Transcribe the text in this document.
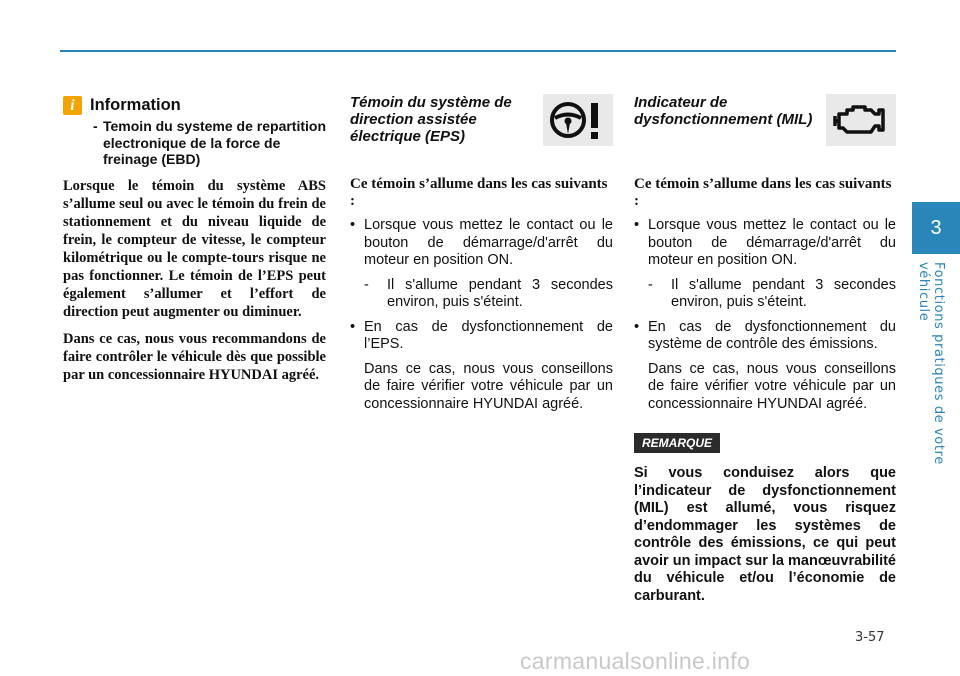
3
Fonctions pratiques de votre véhicule
i Information
- Temoin du systeme de repartition electronique de la force de freinage (EBD)

Lorsque le témoin du système ABS s’allume seul ou avec le témoin du frein de stationnement et du niveau liquide de frein, le compteur de vitesse, le compteur kilométrique ou le compte-tours risque ne pas fonctionner. Le témoin de l’EPS peut également s’allumer et l’effort de direction peut augmenter ou diminuer.

Dans ce cas, nous vous recommandons de faire contrôler le véhicule dès que possible par un concessionnaire HYUNDAI agréé.

Témoin du système de direction assistée électrique (EPS)
Ce témoin s’allume dans les cas suivants :
• Lorsque vous mettez le contact ou le bouton de démarrage/d'arrêt du moteur en position ON.
- Il s'allume pendant 3 secondes environ, puis s'éteint.
• En cas de dysfonctionnement de l’EPS.
Dans ce cas, nous vous conseillons de faire vérifier votre véhicule par un concessionnaire HYUNDAI agréé.
Indicateur de dysfonctionnement (MIL)
Ce témoin s’allume dans les cas suivants :
• Lorsque vous mettez le contact ou le bouton de démarrage/d'arrêt du moteur en position ON.
- Il s'allume pendant 3 secondes environ, puis s'éteint.
• En cas de dysfonctionnement du système de contrôle des émissions.
Dans ce cas, nous vous conseillons de faire vérifier votre véhicule par un concessionnaire HYUNDAI agréé.
REMARQUE
Si vous conduisez alors que l’indicateur de dysfonctionnement (MIL) est allumé, vous risquez d’endommager les systèmes de contrôle des émissions, ce qui peut avoir un impact sur la manœuvrabilité du véhicule et/ou l’économie de carburant.
3-57
carmanualsonline.info
